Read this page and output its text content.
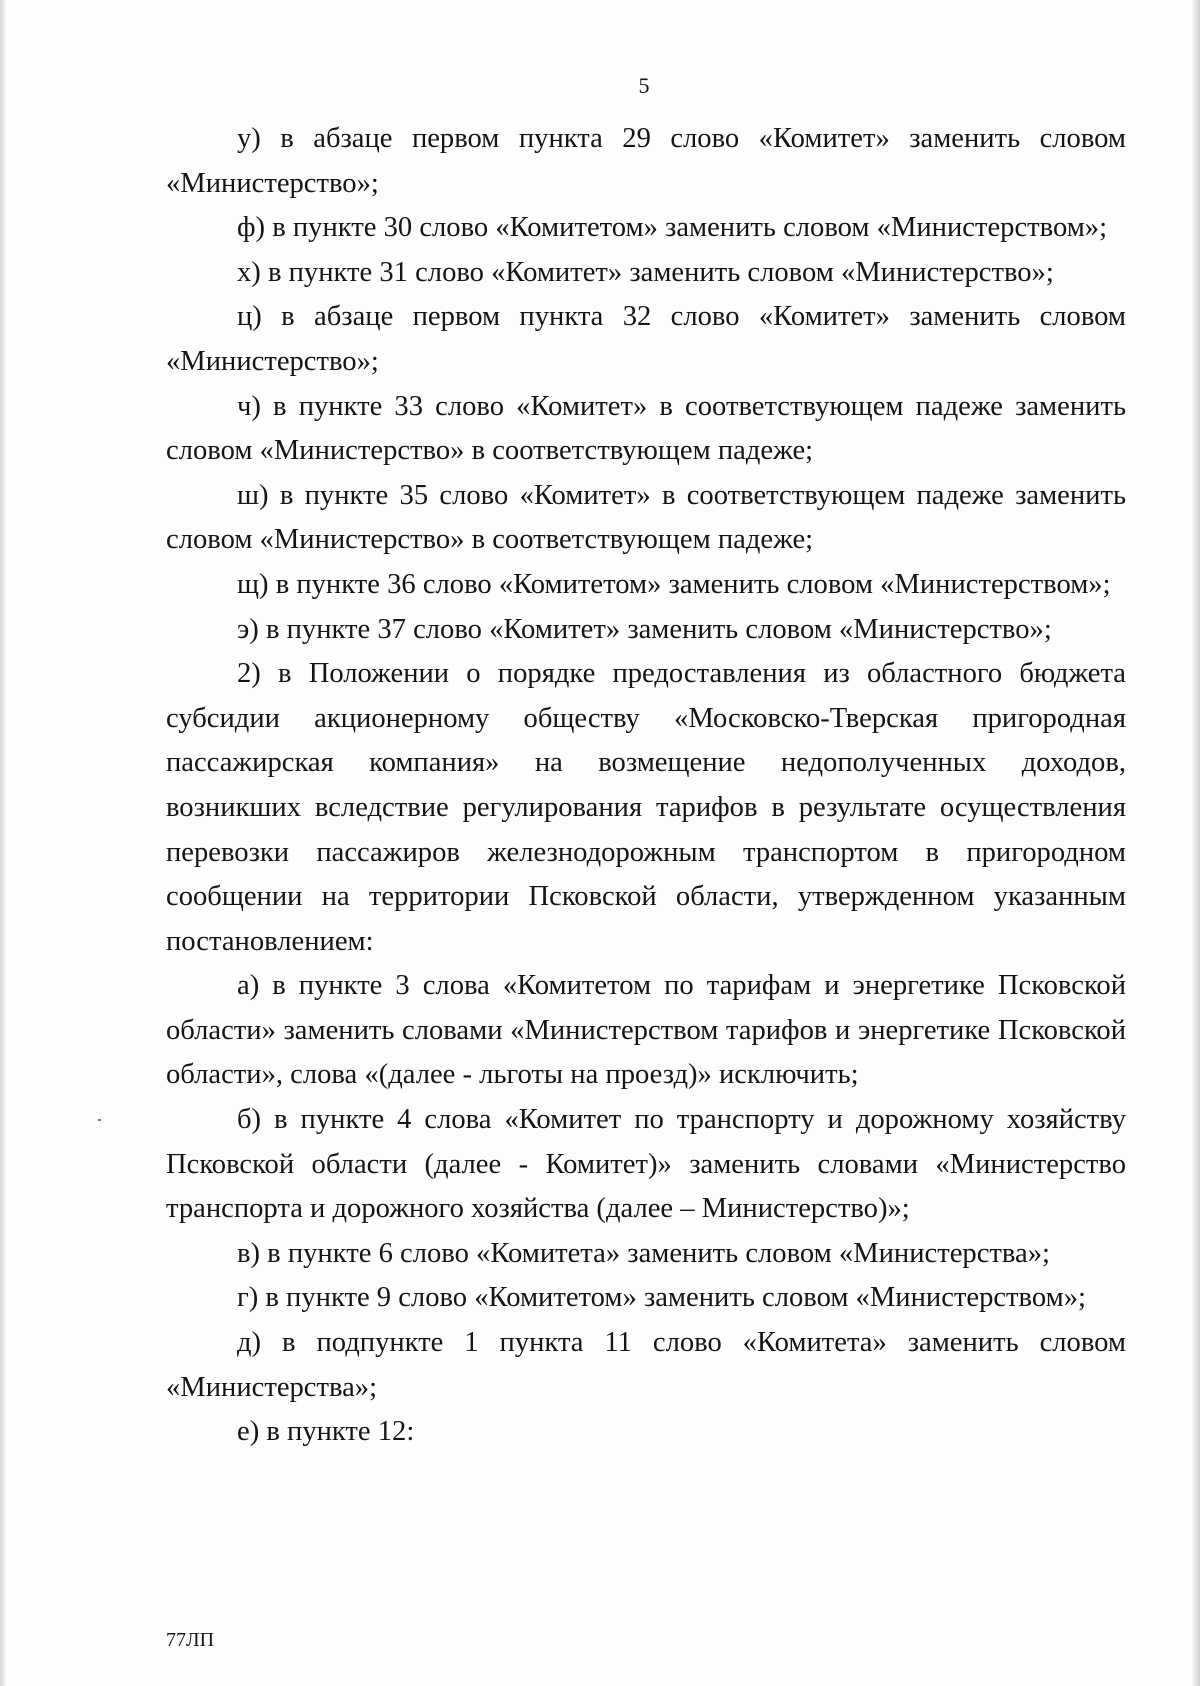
5

у) в абзаце первом пункта 29 слово «Комитет» заменить словом «Министерство»;

ф) в пункте 30 слово «Комитетом» заменить словом «Министерством»;

х) в пункте 31 слово «Комитет» заменить словом «Министерство»;

ц) в абзаце первом пункта 32 слово «Комитет» заменить словом «Министерство»;

ч) в пункте 33 слово «Комитет» в соответствующем падеже заменить словом «Министерство» в соответствующем падеже;

ш) в пункте 35 слово «Комитет» в соответствующем падеже заменить словом «Министерство» в соответствующем падеже;

щ) в пункте 36 слово «Комитетом» заменить словом «Министерством»;

э) в пункте 37 слово «Комитет» заменить словом «Министерство»;

2) в Положении о порядке предоставления из областного бюджета субсидии акционерному обществу «Московско-Тверская пригородная пассажирская компания» на возмещение недополученных доходов, возникших вследствие регулирования тарифов в результате осуществления перевозки пассажиров железнодорожным транспортом в пригородном сообщении на территории Псковской области, утвержденном указанным постановлением:

а) в пункте 3 слова «Комитетом по тарифам и энергетике Псковской области» заменить словами «Министерством тарифов и энергетике Псковской области», слова «(далее - льготы на проезд)» исключить;

б) в пункте 4 слова «Комитет по транспорту и дорожному хозяйству Псковской области (далее - Комитет)» заменить словами «Министерство транспорта и дорожного хозяйства (далее – Министерство)»;

в) в пункте 6 слово «Комитета» заменить словом «Министерства»;

г) в пункте 9 слово «Комитетом» заменить словом «Министерством»;

д) в подпункте 1 пункта 11 слово «Комитета» заменить словом «Министерства»;

е) в пункте 12:

77ЛП
